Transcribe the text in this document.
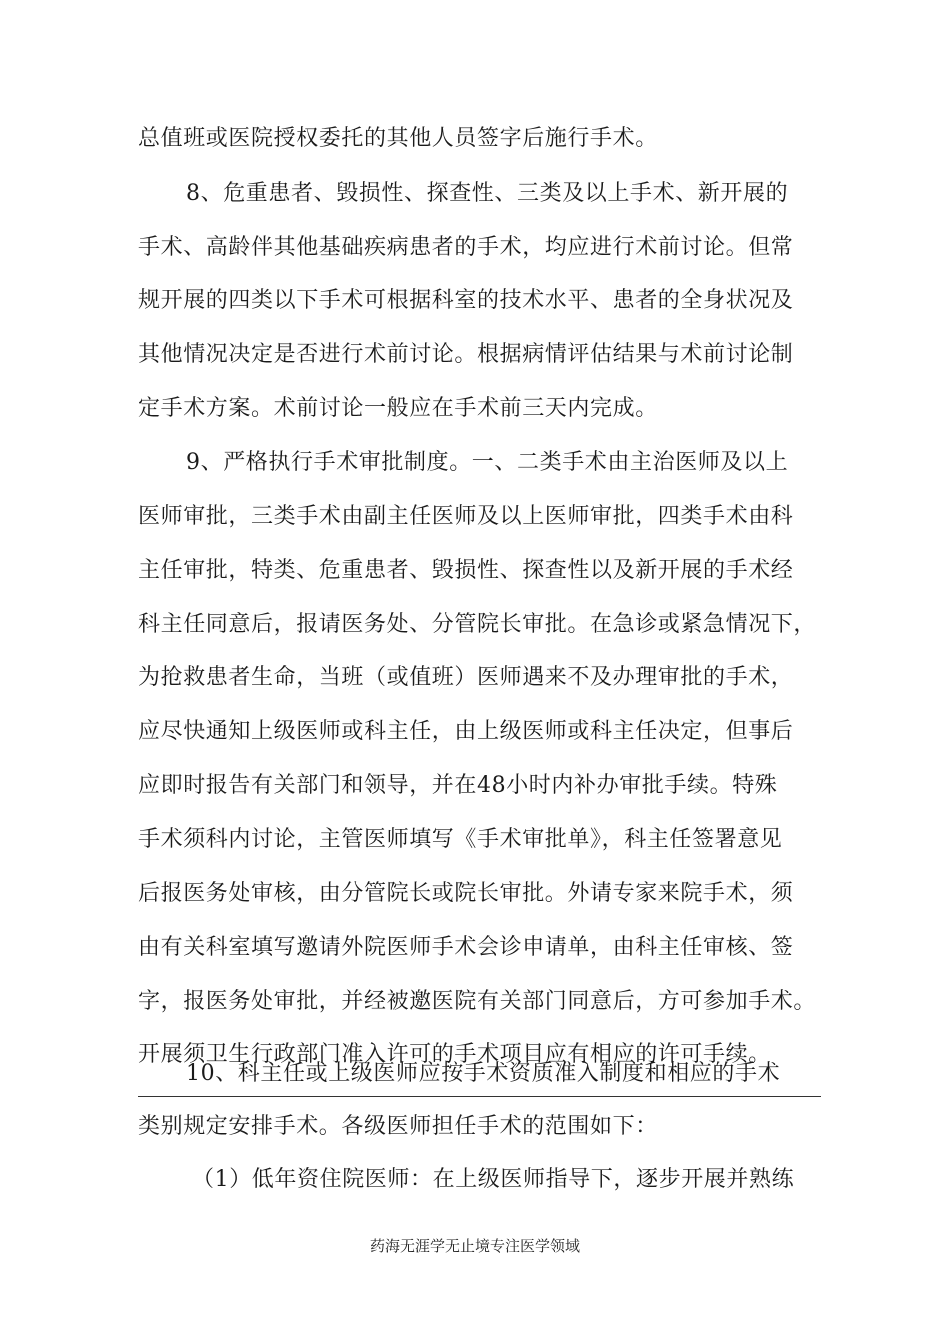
总值班或医院授权委托的其他人员签字后施行手术。
8、危重患者、毁损性、探查性、三类及以上手术、新开展的
手术、高龄伴其他基础疾病患者的手术，均应进行术前讨论。但常
规开展的四类以下手术可根据科室的技术水平、患者的全身状况及
其他情况决定是否进行术前讨论。根据病情评估结果与术前讨论制
定手术方案。术前讨论一般应在手术前三天内完成。
9、严格执行手术审批制度。一、二类手术由主治医师及以上
医师审批，三类手术由副主任医师及以上医师审批，四类手术由科
主任审批，特类、危重患者、毁损性、探查性以及新开展的手术经
科主任同意后，报请医务处、分管院长审批。在急诊或紧急情况下，
为抢救患者生命，当班（或值班）医师遇来不及办理审批的手术，
应尽快通知上级医师或科主任，由上级医师或科主任决定，但事后
应即时报告有关部门和领导，并在48小时内补办审批手续。特殊
手术须科内讨论，主管医师填写《手术审批单》，科主任签署意见
后报医务处审核，由分管院长或院长审批。外请专家来院手术，须
由有关科室填写邀请外院医师手术会诊申请单，由科主任审核、签
字，报医务处审批，并经被邀医院有关部门同意后，方可参加手术。
开展须卫生行政部门准入许可的手术项目应有相应的许可手续。
10、科主任或上级医师应按手术资质准入制度和相应的手术
类别规定安排手术。各级医师担任手术的范围如下：
（1）低年资住院医师：在上级医师指导下，逐步开展并熟练
药海无涯学无止境专注医学领域
